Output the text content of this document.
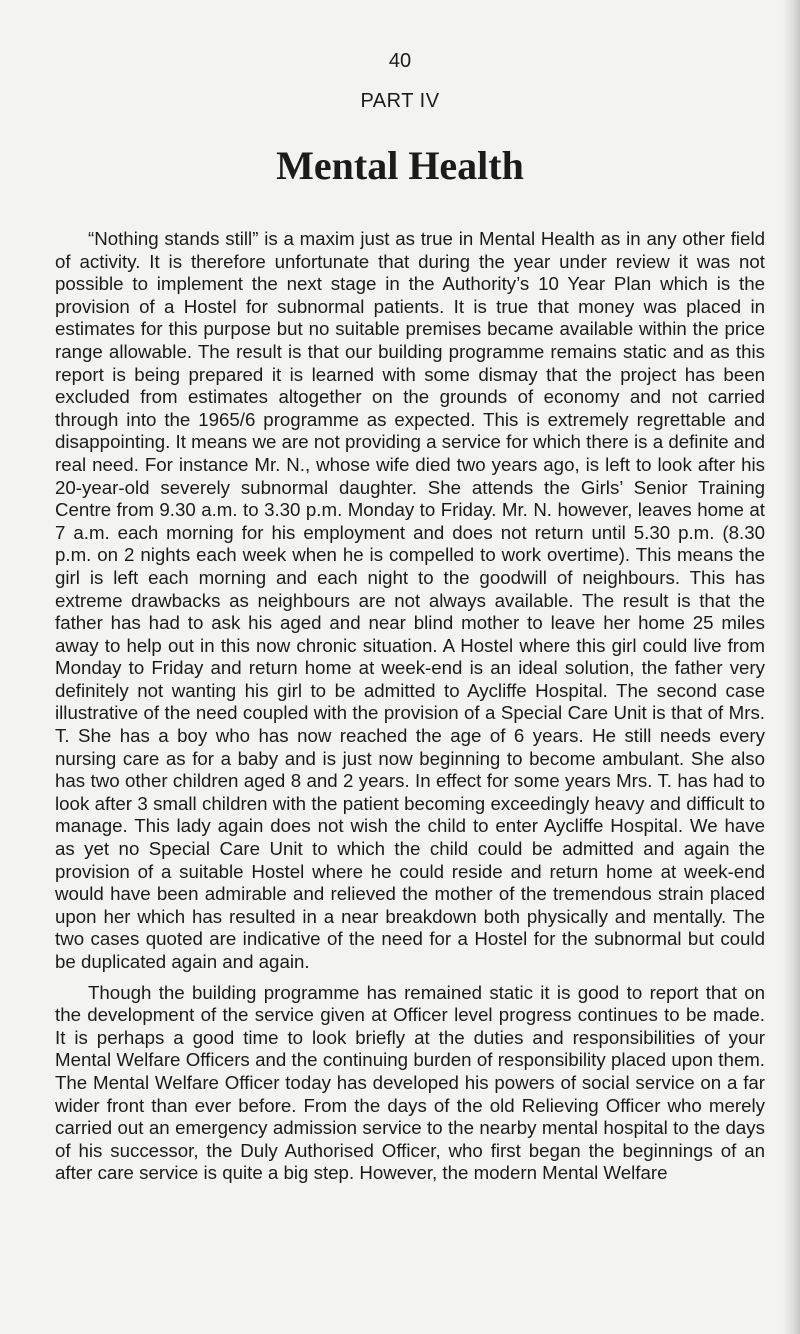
40
PART IV
Mental Health

“Nothing stands still” is a maxim just as true in Mental Health as in any other field of activity. It is therefore unfortunate that during the year under review it was not possible to implement the next stage in the Authority’s 10 Year Plan which is the provision of a Hostel for subnormal patients. It is true that money was placed in estimates for this purpose but no suitable premises became available within the price range allowable. The result is that our building programme remains static and as this report is being prepared it is learned with some dismay that the project has been excluded from estimates altogether on the grounds of economy and not carried through into the 1965/6 programme as expected. This is extremely regrettable and disappointing. It means we are not providing a service for which there is a definite and real need. For instance Mr. N., whose wife died two years ago, is left to look after his 20-year-old severely subnormal daughter. She attends the Girls’ Senior Training Centre from 9.30 a.m. to 3.30 p.m. Monday to Friday. Mr. N. however, leaves home at 7 a.m. each morning for his employment and does not return until 5.30 p.m. (8.30 p.m. on 2 nights each week when he is compelled to work overtime). This means the girl is left each morning and each night to the goodwill of neighbours. This has extreme drawbacks as neighbours are not always available. The result is that the father has had to ask his aged and near blind mother to leave her home 25 miles away to help out in this now chronic situation. A Hostel where this girl could live from Monday to Friday and return home at week-end is an ideal solution, the father very definitely not wanting his girl to be admitted to Aycliffe Hospital. The second case illustrative of the need coupled with the provision of a Special Care Unit is that of Mrs. T. She has a boy who has now reached the age of 6 years. He still needs every nursing care as for a baby and is just now beginning to become ambulant. She also has two other children aged 8 and 2 years. In effect for some years Mrs. T. has had to look after 3 small children with the patient becoming exceedingly heavy and difficult to manage. This lady again does not wish the child to enter Aycliffe Hospital. We have as yet no Special Care Unit to which the child could be admitted and again the provision of a suitable Hostel where he could reside and return home at week-end would have been admirable and relieved the mother of the tremendous strain placed upon her which has resulted in a near breakdown both physically and mentally. The two cases quoted are indicative of the need for a Hostel for the subnormal but could be duplicated again and again.

Though the building programme has remained static it is good to report that on the development of the service given at Officer level progress continues to be made. It is perhaps a good time to look briefly at the duties and responsibilities of your Mental Welfare Officers and the continuing burden of responsibility placed upon them. The Mental Welfare Officer today has developed his powers of social service on a far wider front than ever before. From the days of the old Relieving Officer who merely carried out an emergency admission service to the nearby mental hospital to the days of his successor, the Duly Authorised Officer, who first began the beginnings of an after care service is quite a big step. However, the modern Mental Welfare
